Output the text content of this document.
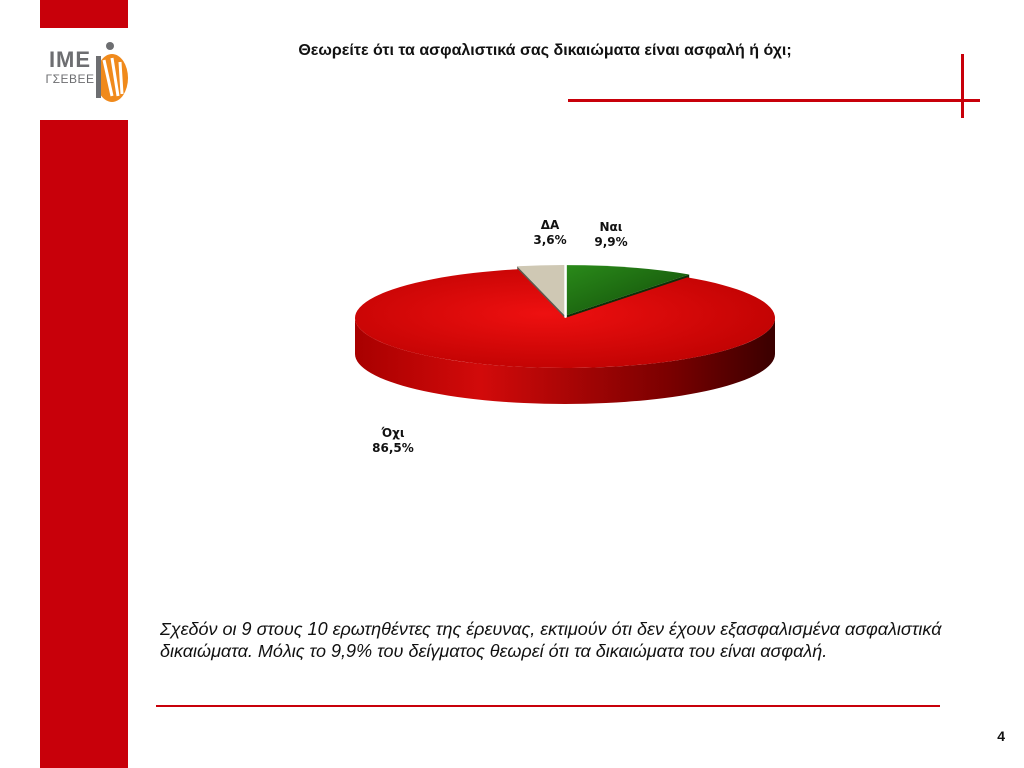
IME
ΓΣΕΒΕΕ
Θεωρείτε ότι τα ασφαλιστικά σας δικαιώματα είναι ασφαλή ή όχι;
ΔΑ
3,6%
Ναι
9,9%
Όχι
86,5%
Σχεδόν οι 9 στους 10 ερωτηθέντες της έρευνας, εκτιμούν ότι δεν έχουν εξασφαλισμένα ασφαλιστικά δικαιώματα. Μόλις το 9,9% του δείγματος θεωρεί ότι τα δικαιώματα του είναι ασφαλή.
4
